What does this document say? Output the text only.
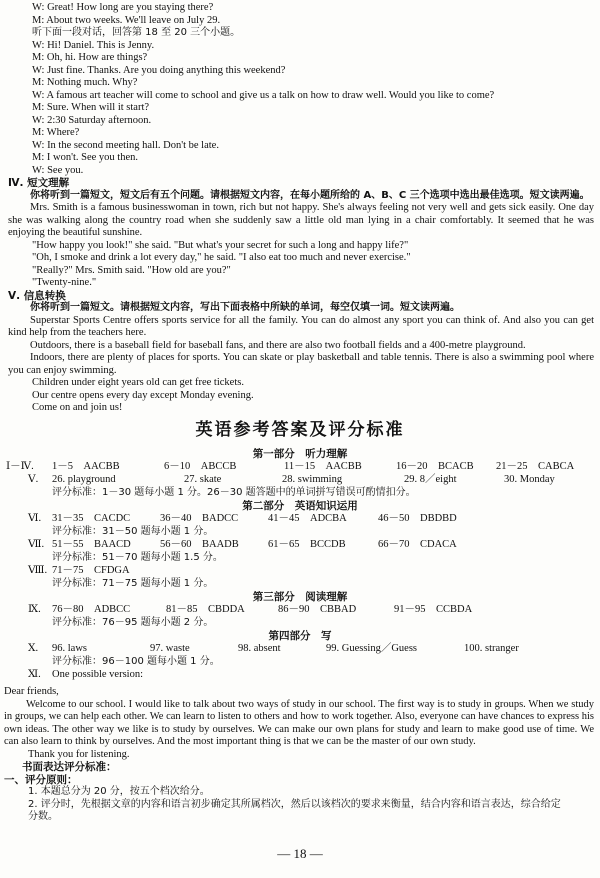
W: Great! How long are you staying there?
M: About two weeks. We'll leave on July 29.
听下面一段对话，回答第 18 至 20 三个小题。
W: Hi! Daniel. This is Jenny.
M: Oh, hi. How are things?
W: Just fine. Thanks. Are you doing anything this weekend?
M: Nothing much. Why?
W: A famous art teacher will come to school and give us a talk on how to draw well. Would you like to come?
M: Sure. When will it start?
W: 2:30 Saturday afternoon.
M: Where?
W: In the second meeting hall. Don't be late.
M: I won't. See you then.
W: See you.
Ⅳ. 短文理解
你将听到一篇短文，短文后有五个问题。请根据短文内容，在每小题所给的 A、B、C 三个选项中选出最佳选项。短文读两遍。
Mrs. Smith is a famous businesswoman in town, rich but not happy. She's always feeling not very well and gets sick easily. One day she was walking along the country road when she suddenly saw a little old man lying in a chair comfortably. It seemed that he was enjoying the beautiful sunshine.
"How happy you look!" she said. "But what's your secret for such a long and happy life?"
"Oh, I smoke and drink a lot every day," he said. "I also eat too much and never exercise."
"Really?" Mrs. Smith said. "How old are you?"
"Twenty-nine."
Ⅴ. 信息转换
你将听到一篇短文。请根据短文内容，写出下面表格中所缺的单词，每空仅填一词。短文读两遍。
Superstar Sports Centre offers sports service for all the family. You can do almost any sport you can think of. And also you can get kind help from the teachers here.
Outdoors, there is a baseball field for baseball fans, and there are also two football fields and a 400-metre playground.
Indoors, there are plenty of places for sports. You can skate or play basketball and table tennis. There is also a swimming pool where you can enjoy swimming.
Children under eight years old can get free tickets.
Our centre opens every day except Monday evening.
Come on and join us!
英语参考答案及评分标准
第一部分　听力理解
Ⅰ－Ⅳ. 1－5　AACBB	6－10　ABCCB	11－15　AACBB	16－20　BCACB 21－25　CABCA
Ⅴ. 26. playground	27. skate	28. swimming	29. 8／eight	30. Monday
评分标准：1－30 题每小题 1 分。26－30 题答题中的单词拼写错误可酌情扣分。
第二部分　英语知识运用
Ⅵ. 31－35　CACDC	36－40　BADCC	41－45　ADCBA	46－50　DBDBD
评分标准：31－50 题每小题 1 分。
Ⅶ. 51－55　BAACD	56－60　BAADB	61－65　BCCDB	66－70　CDACA
评分标准：51－70 题每小题 1.5 分。
Ⅷ. 71－75　CFDGA
评分标准：71－75 题每小题 1 分。
第三部分　阅读理解
Ⅸ. 76－80　ADBCC	81－85　CBDDA	86－90　CBBAD	91－95　CCBDA
评分标准：76－95 题每小题 2 分。
第四部分　写
Ⅹ. 96. laws	97. waste	98. absent	99. Guessing／Guess	100. stranger
评分标准：96－100 题每小题 1 分。
Ⅺ. One possible version:
Dear friends,
Welcome to our school. I would like to talk about two ways of study in our school. The first way is to study in groups. When we study in groups, we can help each other. We can learn to listen to others and how to work together. Also, everyone can have chances to express his own ideas. The other way we like is to study by ourselves. We can make our own plans for study and learn to make good use of time. We can also learn to think by ourselves. And the most important thing is that we can be the master of our own study.
Thank you for listening.
书面表达评分标准：
一、评分原则：
1. 本题总分为 20 分，按五个档次给分。
2. 评分时，先根据文章的内容和语言初步确定其所属档次，然后以该档次的要求来衡量，结合内容和语言表达，综合给定分数。
— 18 —
